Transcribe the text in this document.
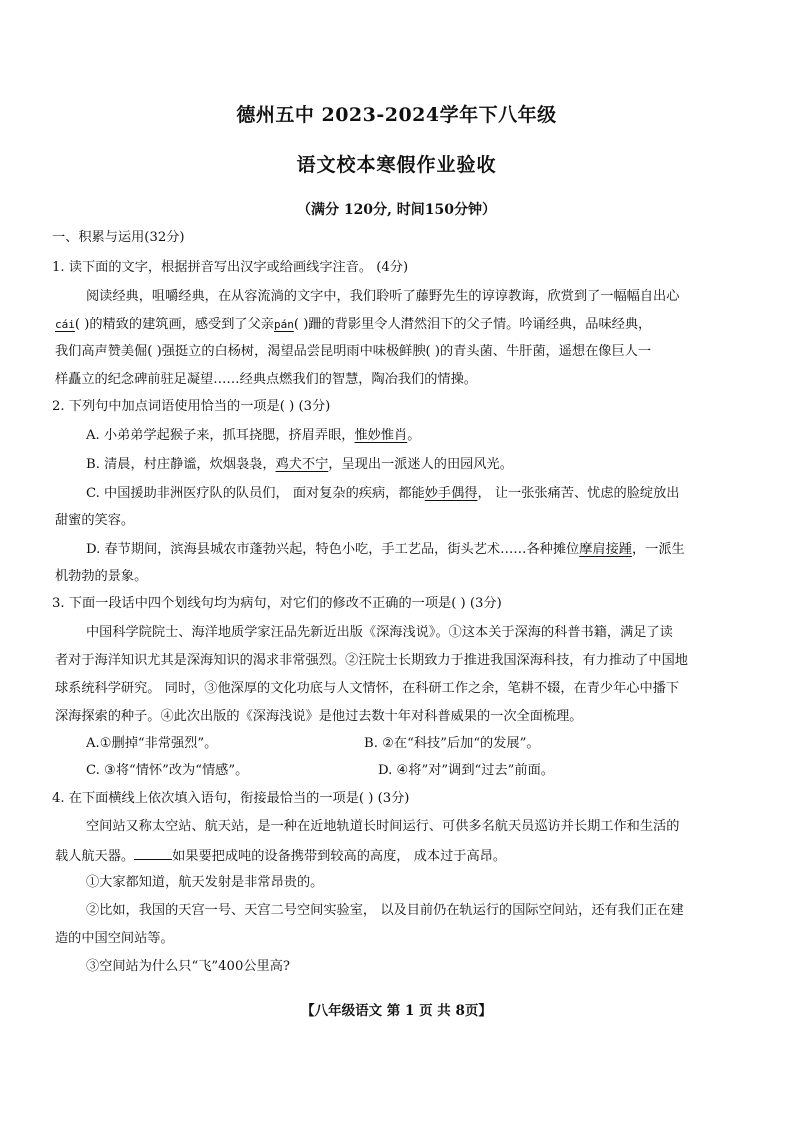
德州五中 2023-2024学年下八年级
语文校本寒假作业验收
（满分 120分, 时间150分钟）
一、积累与运用(32分)
1. 读下面的文字，根据拼音写出汉字或给画线字注音。 (4分)
阅读经典，咀嚼经典，在从容流淌的文字中，我们聆听了藤野先生的谆谆教诲，欣赏到了一幅幅自出心
cái( )的精致的建筑画，感受到了父亲pán( )跚的背影里令人潸然泪下的父子情。吟诵经典，品味经典，
我们高声赞美倔( )强挺立的白杨树，渴望品尝昆明雨中味极鲜腴( )的青头菌、牛肝菌，遥想在像巨人一
样矗立的纪念碑前驻足凝望……经典点燃我们的智慧，陶冶我们的情操。
2. 下列句中加点词语使用恰当的一项是( ) (3分)
A. 小弟弟学起猴子来，抓耳挠腮，挤眉弄眼，惟妙惟肖。
B. 清晨，村庄静谧，炊烟袅袅，鸡犬不宁，呈现出一派迷人的田园风光。
C. 中国援助非洲医疗队的队员们， 面对复杂的疾病，都能妙手偶得， 让一张张痛苦、忧虑的脸绽放出
甜蜜的笑容。
D. 春节期间，滨海县城农市蓬勃兴起，特色小吃，手工艺品，街头艺术……各种摊位摩肩接踵，一派生
机勃勃的景象。
3. 下面一段话中四个划线句均为病句，对它们的修改不正确的一项是( ) (3分)
中国科学院院士、海洋地质学家汪品先新近出版《深海浅说》。①这本关于深海的科普书籍，满足了读
者对于海洋知识尤其是深海知识的渴求非常强烈。②汪院士长期致力于推进我国深海科技，有力推动了中国地
球系统科学研究。 同时，③他深厚的文化功底与人文情怀，在科研工作之余，笔耕不辍，在青少年心中播下
深海探索的种子。④此次出版的《深海浅说》是他过去数十年对科普威果的一次全面梳理。
A.①删掉“非常强烈”。	B. ②在“科技”后加“的发展”。
C. ③将“情怀”改为“情感”。	D. ④将”对”调到“过去”前面。
4. 在下面横线上依次填入语句，衔接最恰当的一项是( ) (3分)
空间站又称太空站、航天站，是一种在近地轨道长时间运行、可供多名航天员巡访并长期工作和生活的
载人航天器。	如果要把成吨的设备携带到较高的高度， 成本过于高昂。
①大家都知道，航天发射是非常昂贵的。
②比如，我国的天宫一号、天宫二号空间实验室， 以及目前仍在轨运行的国际空间站，还有我们正在建
造的中国空间站等。
③空间站为什么只“飞”400公里高?
【八年级语文 第 1 页 共 8页】
